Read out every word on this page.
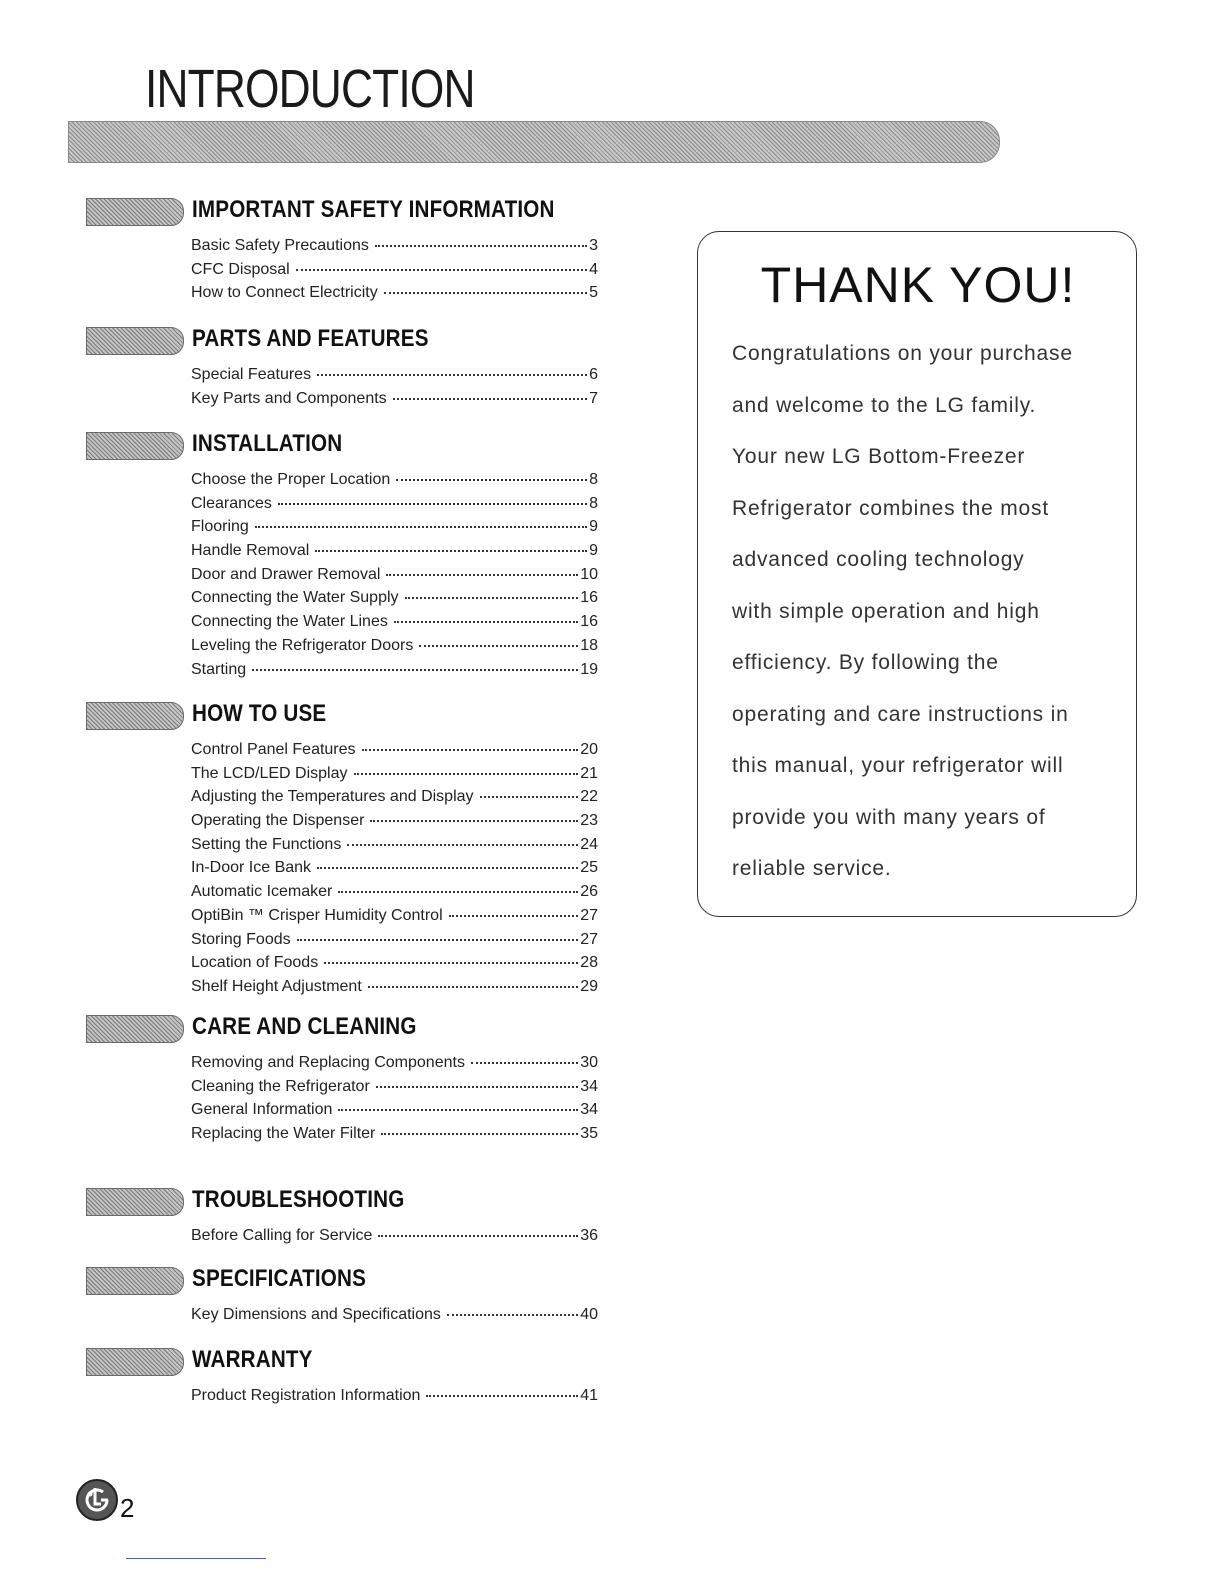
INTRODUCTION
IMPORTANT SAFETY INFORMATION
Basic Safety Precautions	3
CFC Disposal	4
How to Connect Electricity	5
PARTS AND FEATURES
Special Features	6
Key Parts and Components	7
INSTALLATION
Choose the Proper Location	8
Clearances	8
Flooring	9
Handle Removal	9
Door and Drawer Removal	10
Connecting the Water Supply	16
Connecting the Water Lines	16
Leveling the Refrigerator Doors	18
Starting	19
HOW TO USE
Control Panel Features	20
The LCD/LED Display	21
Adjusting the Temperatures and Display	22
Operating the Dispenser	23
Setting the Functions	24
In-Door Ice Bank	25
Automatic Icemaker	26
OptiBin ™ Crisper Humidity Control	27
Storing Foods	27
Location of Foods	28
Shelf Height Adjustment	29
CARE AND CLEANING
Removing and Replacing Components	30
Cleaning the Refrigerator	34
General Information	34
Replacing the Water Filter	35
TROUBLESHOOTING
Before Calling for Service	36
SPECIFICATIONS
Key Dimensions and Specifications	40
WARRANTY
Product Registration Information	41
THANK YOU!
Congratulations on your purchase
and welcome to the LG family.
Your new LG Bottom-Freezer
Refrigerator combines the most
advanced cooling technology
with simple operation and high
efficiency. By following the
operating and care instructions in
this manual, your refrigerator will
provide you with many years of
reliable service.
2
